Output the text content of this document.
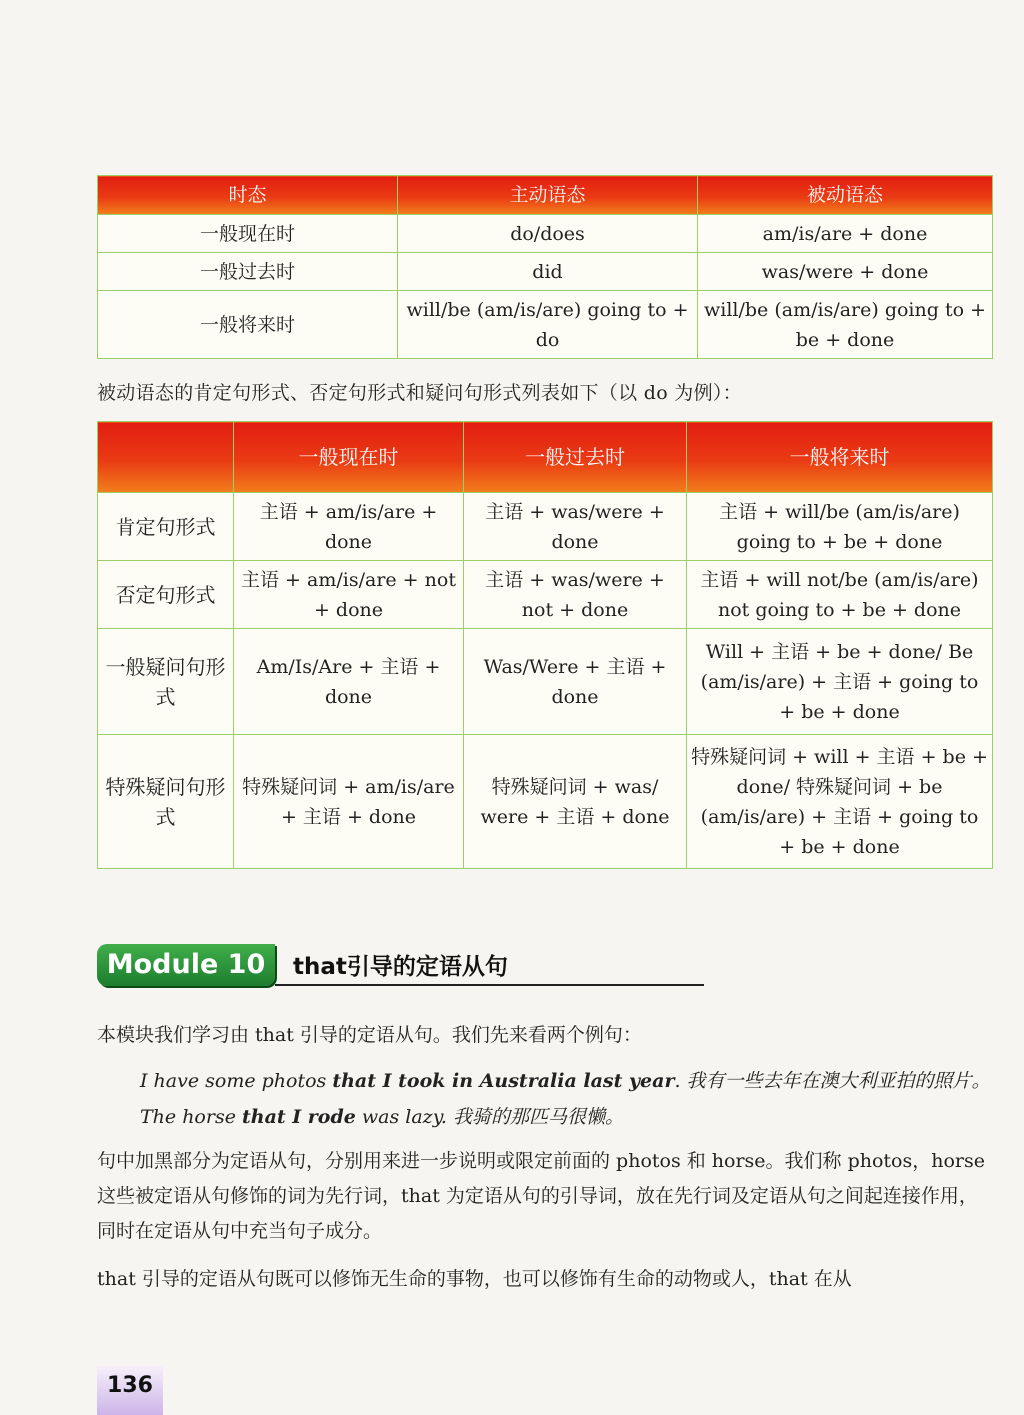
时态	主动语态	被动语态
一般现在时	do/does	am/is/are + done
一般过去时	did	was/were + done
一般将来时	will/be (am/is/are) going to + do	will/be (am/is/are) going to + be + done
被动语态的肯定句形式、否定句形式和疑问句形式列表如下（以 do 为例）：
	一般现在时	一般过去时	一般将来时
肯定句形式	主语 + am/is/are + done	主语 + was/were + done	主语 + will/be (am/is/are) going to + be + done
否定句形式	主语 + am/is/are + not + done	主语 + was/were + not + done	主语 + will not/be (am/is/are) not going to + be + done
一般疑问句形式	Am/Is/Are + 主语 + done	Was/Were + 主语 + done	Will + 主语 + be + done/ Be (am/is/are) + 主语 + going to + be + done
特殊疑问句形式	特殊疑问词 + am/is/are + 主语 + done	特殊疑问词 + was/ were + 主语 + done	特殊疑问词 + will + 主语 + be + done/ 特殊疑问词 + be (am/is/are) + 主语 + going to + be + done
Module 10	that引导的定语从句

本模块我们学习由 that 引导的定语从句。我们先来看两个例句：

I have some photos that I took in Australia last year. 我有一些去年在澳大利亚拍的照片。
The horse that I rode was lazy. 我骑的那匹马很懒。

句中加黑部分为定语从句，分别用来进一步说明或限定前面的 photos 和 horse。我们称 photos，horse 这些被定语从句修饰的词为先行词，that 为定语从句的引导词，放在先行词及定语从句之间起连接作用，同时在定语从句中充当句子成分。

that 引导的定语从句既可以修饰无生命的事物，也可以修饰有生命的动物或人，that 在从

136
